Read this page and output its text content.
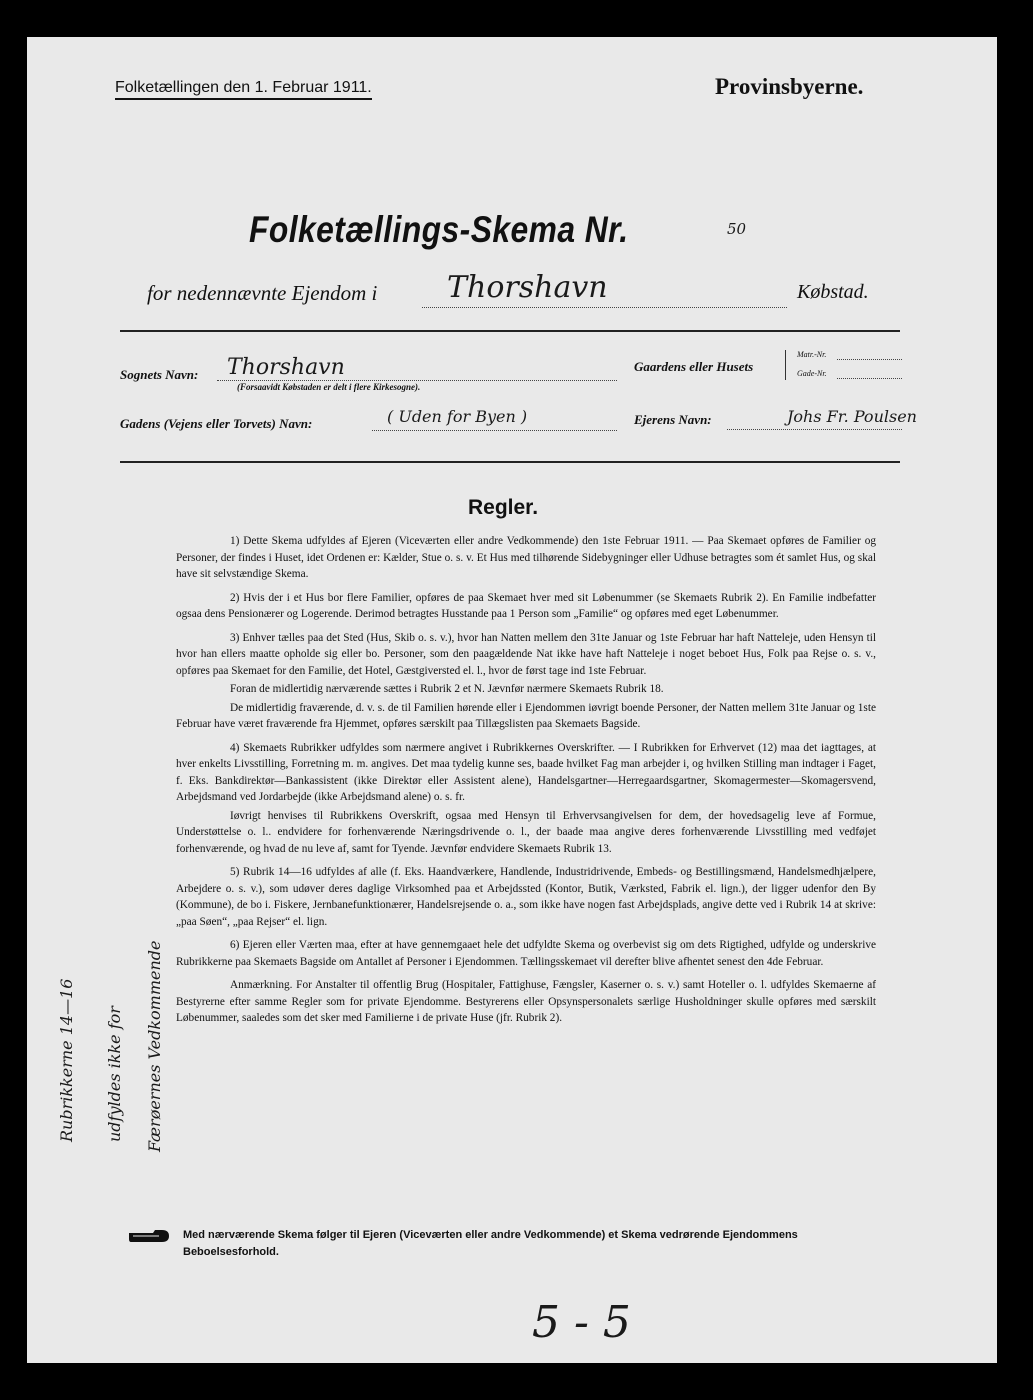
Folketællingen den 1. Februar 1911.	Provinsbyerne.
Folketællings-Skema Nr.	50
for nedennævnte Ejendom i Thorshavn	Købstad.
Sognets Navn: Thorshavn
(Forsaavidt Købstaden er delt i flere Kirkesogne).
Gaardens eller Husets
Matr.-Nr.
Gade-Nr.
Gadens (Vejens eller Torvets) Navn:	( Uden for Byen )	Ejerens Navn:	Johs Fr. Poulsen
Regler.

1) Dette Skema udfyldes af Ejeren (Viceværten eller andre Vedkommende) den 1ste Februar 1911. — Paa Skemaet opføres de Familier og Personer, der findes i Huset, idet Ordenen er: Kælder, Stue o. s. v. Et Hus med tilhørende Sidebygninger eller Udhuse betragtes som ét samlet Hus, og skal have sit selvstændige Skema.

2) Hvis der i et Hus bor flere Familier, opføres de paa Skemaet hver med sit Løbenummer (se Skemaets Rubrik 2). En Familie indbefatter ogsaa dens Pensionærer og Logerende. Derimod betragtes Husstande paa 1 Person som „Familie“ og opføres med eget Løbenummer.

3) Enhver tælles paa det Sted (Hus, Skib o. s. v.), hvor han Natten mellem den 31te Januar og 1ste Februar har haft Natteleje, uden Hensyn til hvor han ellers maatte opholde sig eller bo. Personer, som den paagældende Nat ikke have haft Natteleje i noget beboet Hus, Folk paa Rejse o. s. v., opføres paa Skemaet for den Familie, det Hotel, Gæstgiversted el. l., hvor de først tage ind 1ste Februar.

Foran de midlertidig nærværende sættes i Rubrik 2 et N. Jævnfør nærmere Skemaets Rubrik 18.

De midlertidig fraværende, d. v. s. de til Familien hørende eller i Ejendommen iøvrigt boende Personer, der Natten mellem 31te Januar og 1ste Februar have været fraværende fra Hjemmet, opføres særskilt paa Tillægslisten paa Skemaets Bagside.

4) Skemaets Rubrikker udfyldes som nærmere angivet i Rubrikkernes Overskrifter. — I Rubrikken for Erhvervet (12) maa det iagttages, at hver enkelts Livsstilling, Forretning m. m. angives. Det maa tydelig kunne ses, baade hvilket Fag man arbejder i, og hvilken Stilling man indtager i Faget, f. Eks. Bankdirektør—Bankassistent (ikke Direktør eller Assistent alene), Handelsgartner—Herregaardsgartner, Skomagermester—Skomagersvend, Arbejdsmand ved Jordarbejde (ikke Arbejdsmand alene) o. s. fr.

Iøvrigt henvises til Rubrikkens Overskrift, ogsaa med Hensyn til Erhvervsangivelsen for dem, der hovedsagelig leve af Formue, Understøttelse o. l.. endvidere for forhenværende Næringsdrivende o. l., der baade maa angive deres forhenværende Livsstilling med vedføjet forhenværende, og hvad de nu leve af, samt for Tyende. Jævnfør endvidere Skemaets Rubrik 13.

5) Rubrik 14—16 udfyldes af alle (f. Eks. Haandværkere, Handlende, Industridrivende, Embeds- og Bestillingsmænd, Handelsmedhjælpere, Arbejdere o. s. v.), som udøver deres daglige Virksomhed paa et Arbejdssted (Kontor, Butik, Værksted, Fabrik el. lign.), der ligger udenfor den By (Kommune), de bo i. Fiskere, Jernbanefunktionærer, Handelsrejsende o. a., som ikke have nogen fast Arbejdsplads, angive dette ved i Rubrik 14 at skrive: „paa Søen“, „paa Rejser“ el. lign.

6) Ejeren eller Værten maa, efter at have gennemgaaet hele det udfyldte Skema og overbevist sig om dets Rigtighed, udfylde og underskrive Rubrikkerne paa Skemaets Bagside om Antallet af Personer i Ejendommen. Tællingsskemaet vil derefter blive afhentet senest den 4de Februar.

Anmærkning. For Anstalter til offentlig Brug (Hospitaler, Fattighuse, Fængsler, Kaserner o. s. v.) samt Hoteller o. l. udfyldes Skemaerne af Bestyrerne efter samme Regler som for private Ejendomme. Bestyrerens eller Opsynspersonalets særlige Husholdninger skulle opføres med særskilt Løbenummer, saaledes som det sker med Familierne i de private Huse (jfr. Rubrik 2).

Rubrikkerne 14—16	udfyldes ikke for	Færøernes Vedkommende
Med nærværende Skema følger til Ejeren (Viceværten eller andre Vedkommende) et Skema vedrørende Ejendommens Beboelsesforhold.
5 - 5
